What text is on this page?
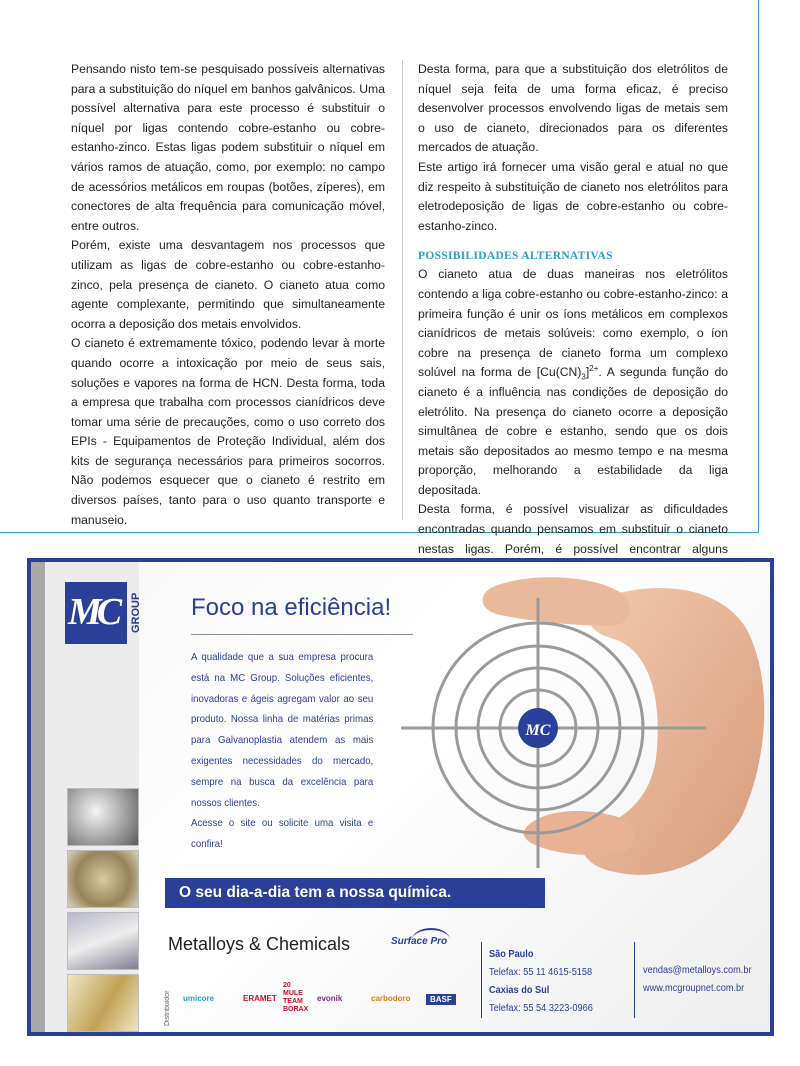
Pensando nisto tem-se pesquisado possíveis alternativas para a substituição do níquel em banhos galvânicos. Uma possível alternativa para este processo é substituir o níquel por ligas contendo cobre-estanho ou cobre-estanho-zinco. Estas ligas podem substituir o níquel em vários ramos de atuação, como, por exemplo: no campo de acessórios metálicos em roupas (botões, zíperes), em conectores de alta frequência para comunicação móvel, entre outros.

Porém, existe uma desvantagem nos processos que utilizam as ligas de cobre-estanho ou cobre-estanho-zinco, pela presença de cianeto. O cianeto atua como agente complexante, permitindo que simultaneamente ocorra a deposição dos metais envolvidos.

O cianeto é extremamente tóxico, podendo levar à morte quando ocorre a intoxicação por meio de seus sais, soluções e vapores na forma de HCN. Desta forma, toda a empresa que trabalha com processos cianídricos deve tomar uma série de precauções, como o uso correto dos EPIs - Equipamentos de Proteção Individual, além dos kits de segurança necessários para primeiros socorros. Não podemos esquecer que o cianeto é restrito em diversos países, tanto para o uso quanto transporte e manuseio.

Desta forma, para que a substituição dos eletrólitos de níquel seja feita de uma forma eficaz, é preciso desenvolver processos envolvendo ligas de metais sem o uso de cianeto, direcionados para os diferentes mercados de atuação.

Este artigo irá fornecer uma visão geral e atual no que diz respeito à substituição de cianeto nos eletrólitos para eletrodeposição de ligas de cobre-estanho ou cobre-estanho-zinco.

POSSIBILIDADES ALTERNATIVAS

O cianeto atua de duas maneiras nos eletrólitos contendo a liga cobre-estanho ou cobre-estanho-zinco: a primeira função é unir os íons metálicos em complexos cianídricos de metais solúveis: como exemplo, o íon cobre na presença de cianeto forma um complexo solúvel na forma de $[Cu(CN)_3]^{2+}$. A segunda função do cianeto é a influência nas condições de deposição do eletrólito. Na presença do cianeto ocorre a deposição simultânea de cobre e estanho, sendo que os dois metais são depositados ao mesmo tempo e na mesma proporção, melhorando a estabilidade da liga depositada.

Desta forma, é possível visualizar as dificuldades encontradas quando pensamos em substituir o cianeto nestas ligas. Porém, é possível encontrar alguns

MC GROUP Foco na eficiência!

A qualidade que a sua empresa procura está na MC Group. Soluções eficientes, inovadoras e ágeis agregam valor ao seu produto. Nossa linha de matérias primas para Galvanoplastia atendem as mais exigentes necessidades do mercado, sempre na busca da excelência para nossos clientes.

Acesse o site ou solicite uma visita e confira!

MC
O seu dia-a-dia tem a nossa química.
Metalloys & Chemicals	Surface Pro
Distribuidor	umicore	ERAMET
20 MULE TEAM BORAX
evonik	carbodoro	BASF
São Paulo
Telefax: 55 11 4615-5158
Caxias do Sul
Telefax: 55 54 3223-0966
vendas@metalloys.com.br
www.mcgroupnet.com.br
